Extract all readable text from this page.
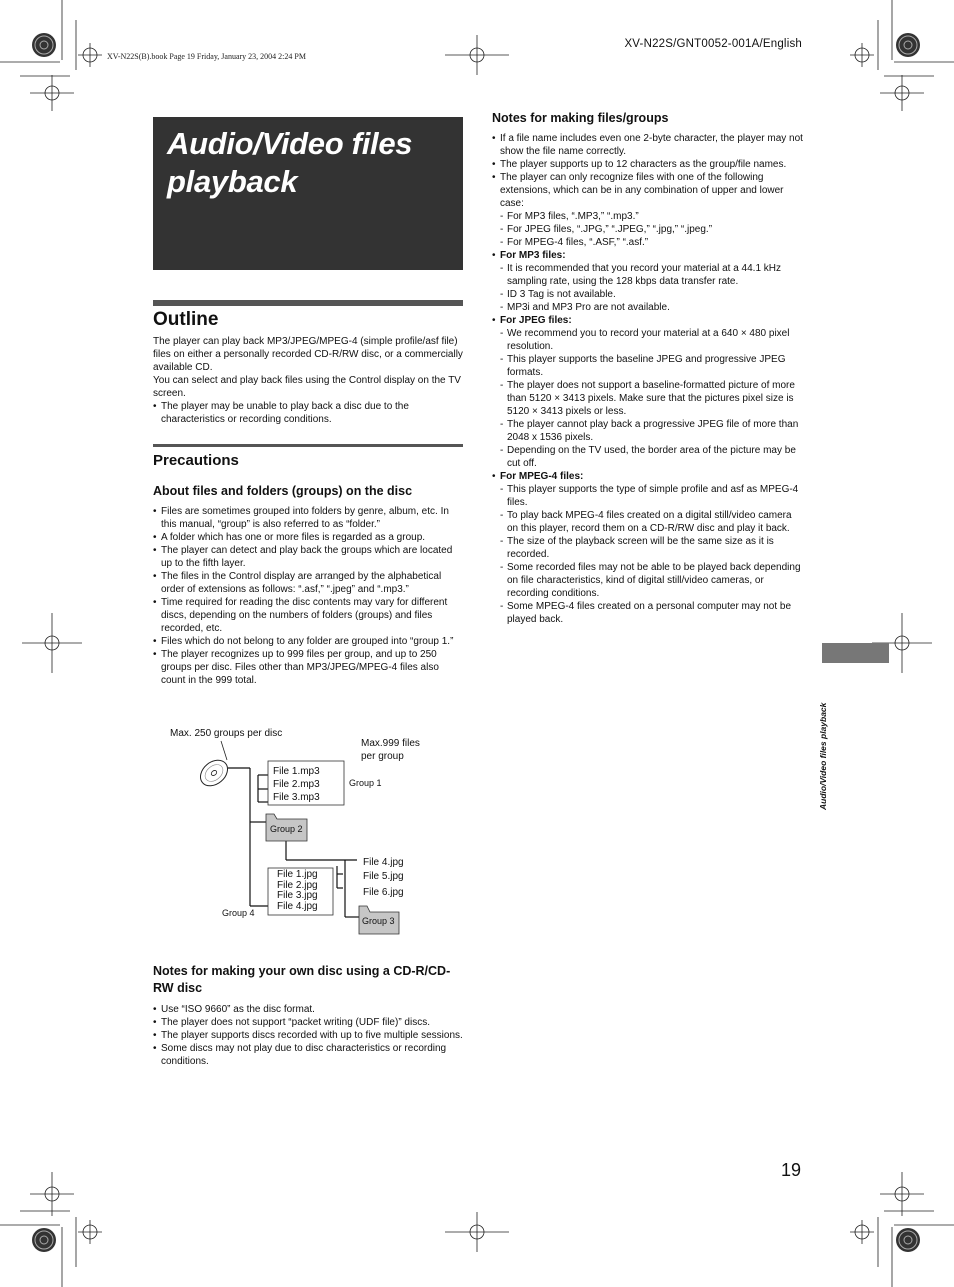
XV-N22S(B).book Page 19 Friday, January 23, 2004 2:24 PM
XV-N22S/GNT0052-001A/English
Audio/Video files
playback
Outline
The player can play back MP3/JPEG/MPEG-4 (simple profile/asf file) files on either a personally recorded CD-R/RW disc, or a commercially available CD.
You can select and play back files using the Control display on the TV screen.
• The player may be unable to play back a disc due to the characteristics or recording conditions.
Precautions
About files and folders (groups) on the disc
• Files are sometimes grouped into folders by genre, album, etc. In this manual, “group” is also referred to as “folder.”
• A folder which has one or more files is regarded as a group.
• The player can detect and play back the groups which are located up to the fifth layer.
• The files in the Control display are arranged by the alphabetical order of extensions as follows: “.asf,” “.jpeg” and “.mp3.”
• Time required for reading the disc contents may vary for different discs, depending on the numbers of folders (groups) and files recorded, etc.
• Files which do not belong to any folder are grouped into “group 1.”
• The player recognizes up to 999 files per group, and up to 250 groups per disc. Files other than MP3/JPEG/MPEG-4 files also count in the 999 total.
Max. 250 groups per disc
Max.999 files
per group
File 1.mp3
File 2.mp3
File 3.mp3
Group 1
Group 2
File 4.jpg
File 5.jpg
File 6.jpg
Group 3
File 1.jpg
File 2.jpg
File 3.jpg
File 4.jpg
Group 4
Notes for making your own disc using a CD-R/CD-
RW disc
• Use “ISO 9660” as the disc format.
• The player does not support “packet writing (UDF file)” discs.
• The player supports discs recorded with up to five multiple sessions.
• Some discs may not play due to disc characteristics or recording conditions.
Notes for making files/groups
• If a file name includes even one 2-byte character, the player may not show the file name correctly.
• The player supports up to 12 characters as the group/file names.
• The player can only recognize files with one of the following extensions, which can be in any combination of upper and lower case:
- For MP3 files, “.MP3,” “.mp3.”
- For JPEG files, “.JPG,” “.JPEG,” “.jpg,” “.jpeg.”
- For MPEG-4 files, “.ASF,” “.asf.”
• For MP3 files:
- It is recommended that you record your material at a 44.1 kHz sampling rate, using the 128 kbps data transfer rate.
- ID 3 Tag is not available.
- MP3i and MP3 Pro are not available.
• For JPEG files:
- We recommend you to record your material at a 640 × 480 pixel resolution.
- This player supports the baseline JPEG and progressive JPEG formats.
- The player does not support a baseline-formatted picture of more than 5120 × 3413 pixels. Make sure that the pictures pixel size is 5120 × 3413 pixels or less.
- The player cannot play back a progressive JPEG file of more than 2048 x 1536 pixels.
- Depending on the TV used, the border area of the picture may be cut off.
• For MPEG-4 files:
- This player supports the type of simple profile and asf as MPEG-4 files.
- To play back MPEG-4 files created on a digital still/video camera on this player, record them on a CD-R/RW disc and play it back.
- The size of the playback screen will be the same size as it is recorded.
- Some recorded files may not be able to be played back depending on file characteristics, kind of digital still/video cameras, or recording conditions.
- Some MPEG-4 files created on a personal computer may not be played back.
Audio/Video files playback
19
